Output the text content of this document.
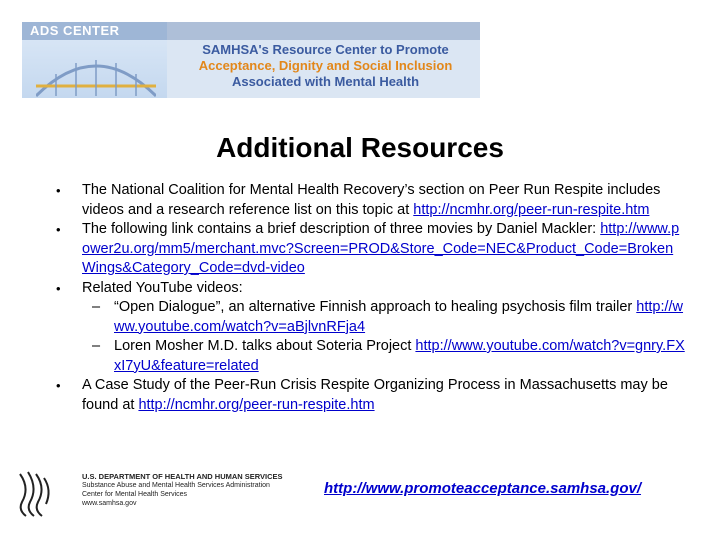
ADS CENTER
SAMHSA's Resource Center to Promote
Acceptance, Dignity and Social Inclusion
Associated with Mental Health
Additional Resources
• The National Coalition for Mental Health Recovery’s section on Peer Run Respite includes videos and a research reference list on this topic at http://ncmhr.org/peer-run-respite.htm
• The following link contains a brief description of three movies by Daniel Mackler: http://www.power2u.org/mm5/merchant.mvc?Screen=PROD&Store_Code=NEC&Product_Code=BrokenWings&Category_Code=dvd-video
• Related YouTube videos:
– “Open Dialogue”, an alternative Finnish approach to healing psychosis film trailer http://www.youtube.com/watch?v=aBjlvnRFja4
– Loren Mosher M.D. talks about Soteria Project http://www.youtube.com/watch?v=gnry.FXxI7yU&feature=related
• A Case Study of the Peer-Run Crisis Respite Organizing Process in Massachusetts may be found at http://ncmhr.org/peer-run-respite.htm
U.S. DEPARTMENT OF HEALTH AND HUMAN SERVICES
Substance Abuse and Mental Health Services Administration
Center for Mental Health Services
www.samhsa.gov
http://www.promoteacceptance.samhsa.gov/
